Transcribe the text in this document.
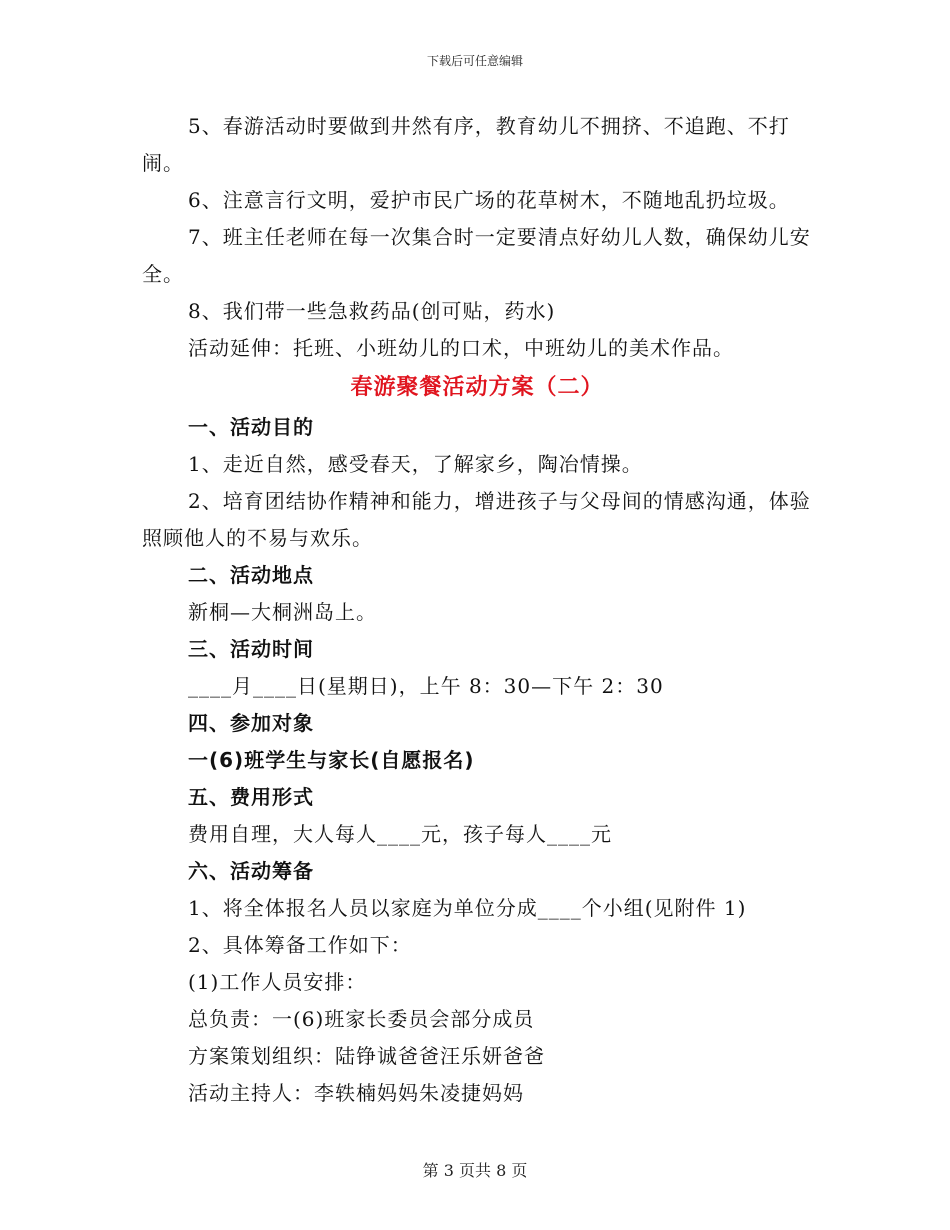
下载后可任意编辑

5、春游活动时要做到井然有序，教育幼儿不拥挤、不追跑、不打闹。

6、注意言行文明，爱护市民广场的花草树木，不随地乱扔垃圾。

7、班主任老师在每一次集合时一定要清点好幼儿人数，确保幼儿安全。

8、我们带一些急救药品(创可贴，药水)

活动延伸：托班、小班幼儿的口术，中班幼儿的美术作品。

春游聚餐活动方案（二）

一、活动目的

1、走近自然，感受春天，了解家乡，陶冶情操。

2、培育团结协作精神和能力，增进孩子与父母间的情感沟通，体验照顾他人的不易与欢乐。

二、活动地点

新桐—大桐洲岛上。

三、活动时间

____月____日(星期日)，上午 8：30—下午 2：30

四、参加对象

一(6)班学生与家长(自愿报名)

五、费用形式

费用自理，大人每人____元，孩子每人____元

六、活动筹备

1、将全体报名人员以家庭为单位分成____个小组(见附件 1)

2、具体筹备工作如下：

(1)工作人员安排：

总负责：一(6)班家长委员会部分成员

方案策划组织：陆铮诚爸爸汪乐妍爸爸

活动主持人：李轶楠妈妈朱凌捷妈妈

第 3 页共 8 页
